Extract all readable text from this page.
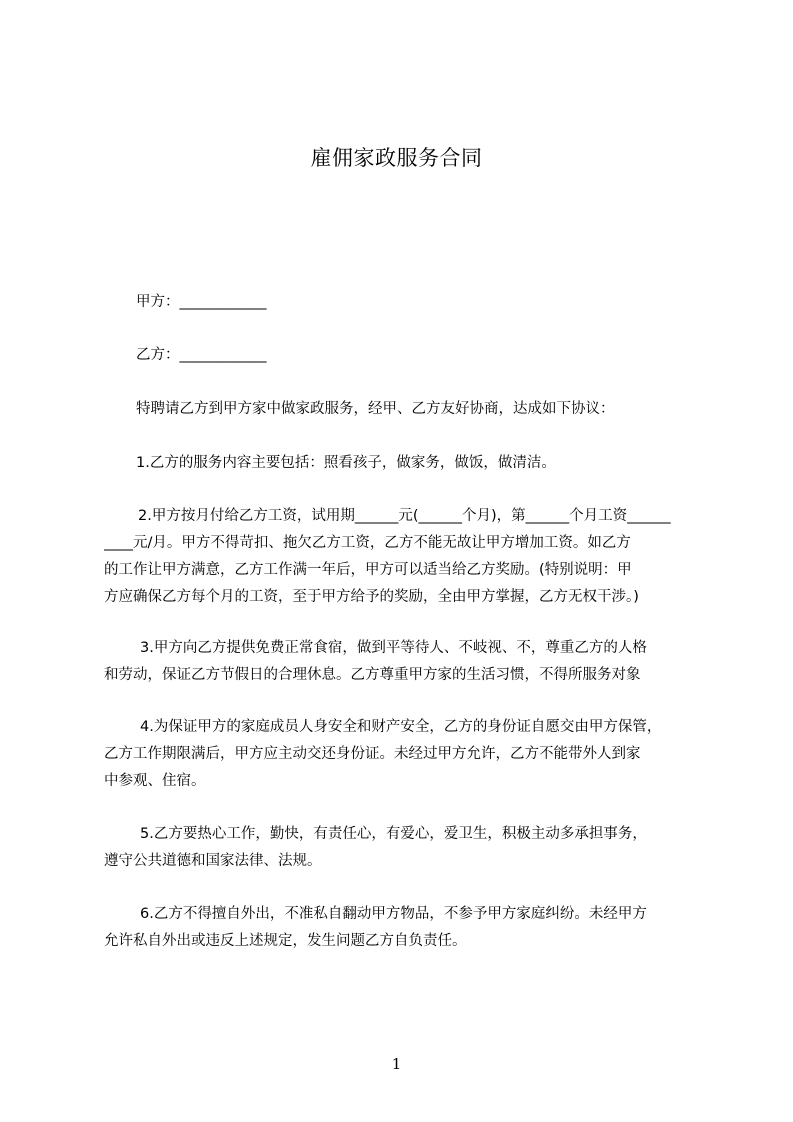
雇佣家政服务合同
甲方：____________
乙方：____________
特聘请乙方到甲方家中做家政服务，经甲、乙方友好协商，达成如下协议：
1.乙方的服务内容主要包括：照看孩子，做家务，做饭，做清洁。
2.甲方按月付给乙方工资，试用期______元(______个月)，第______个月工资______
____元/月。甲方不得苛扣、拖欠乙方工资，乙方不能无故让甲方增加工资。如乙方
的工作让甲方满意，乙方工作满一年后，甲方可以适当给乙方奖励。(特别说明：甲
方应确保乙方每个月的工资，至于甲方给予的奖励，全由甲方掌握，乙方无权干涉。)
3.甲方向乙方提供免费正常食宿，做到平等待人、不岐视、不，尊重乙方的人格
和劳动，保证乙方节假日的合理休息。乙方尊重甲方家的生活习惯，不得所服务对象
4.为保证甲方的家庭成员人身安全和财产安全，乙方的身份证自愿交由甲方保管，
乙方工作期限满后，甲方应主动交还身份证。未经过甲方允许，乙方不能带外人到家
中参观、住宿。
5.乙方要热心工作，勤快，有责任心，有爱心，爱卫生，积极主动多承担事务，
遵守公共道德和国家法律、法规。
6.乙方不得擅自外出，不准私自翻动甲方物品，不参予甲方家庭纠纷。未经甲方
允许私自外出或违反上述规定，发生问题乙方自负责任。
1
